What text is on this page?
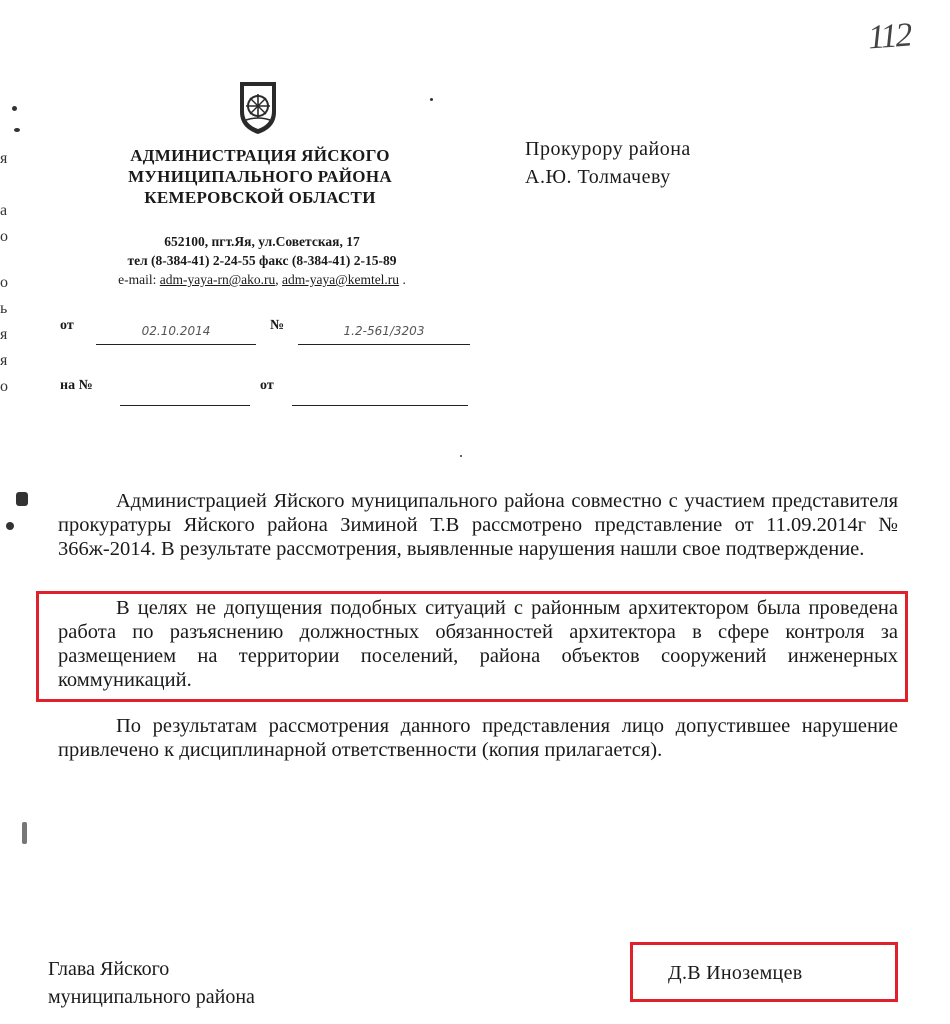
112
я
а
о
о
ь
я
я
о
АДМИНИСТРАЦИЯ ЯЙСКОГО
МУНИЦИПАЛЬНОГО РАЙОНА
КЕМЕРОВСКОЙ ОБЛАСТИ
652100, пгт.Яя, ул.Советская, 17
тел (8-384-41) 2-24-55 факс (8-384-41) 2-15-89
e-mail: adm-yaya-rn@ako.ru, adm-yaya@kemtel.ru .
Прокурору района
А.Ю. Толмачеву
от	02.10.2014	№	1.2-561/3203
на №	от
Администрацией Яйского муниципального района совместно с участием представителя прокуратуры Яйского района Зиминой Т.В рассмотрено представление от 11.09.2014г № 366ж-2014. В результате рассмотрения, выявленные нарушения нашли свое подтверждение.
В целях не допущения подобных ситуаций с районным архитектором была проведена работа по разъяснению должностных обязанностей архитектора в сфере контроля за размещением на территории поселений, района объектов сооружений инженерных коммуникаций.
По результатам рассмотрения данного представления лицо допустившее нарушение привлечено к дисциплинарной ответственности (копия прилагается).
Глава Яйского
муниципального района
Д.В Иноземцев
